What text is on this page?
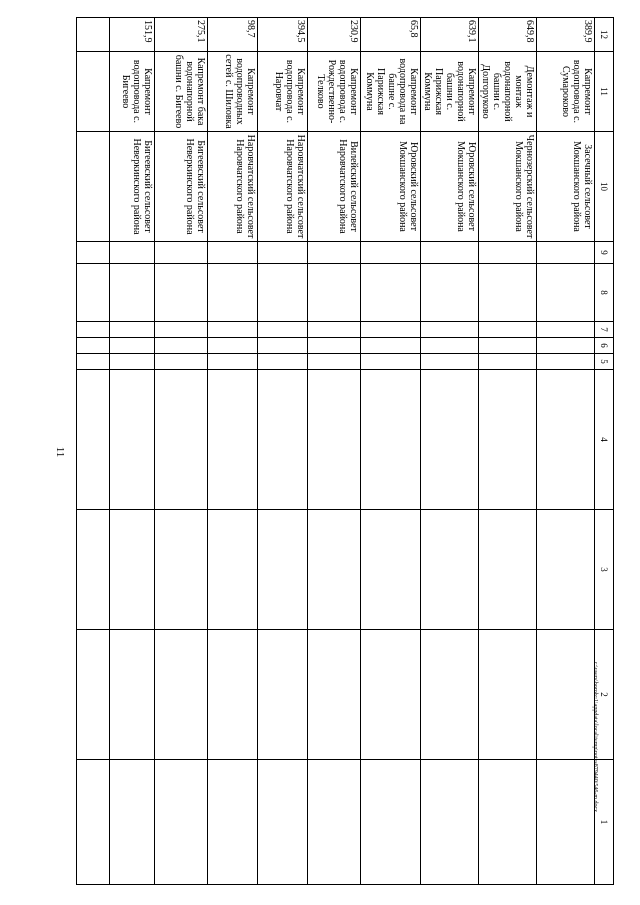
11
c:\users\boroh~1\appdata\local\temp\notes879440\546-m.docx
12	11	10	9	8	7	6	5	4	3	2	1
389,9	Капремонт водопровода с. Сумароково	Засечный сельсовет Мокшанского района									
649,8	Демонтаж и монтаж водонапорной башни с. Долгоруково	Чернозерский сельсовет Мокшанского района									
639,1	Капремонт водонапорной башни с. Парижская Коммуна	Юровский сельсовет Мокшанского района									
65,8	Капремонт водопровода на башне с. Парижская Коммуна	Юровский сельсовет Мокшанского района									
230,9	Капремонт водопровода с. Рождественно-Телково	Вилейский сельсовет Наровчатского района									
394,5	Капремонт водопровода с. Наровчат	Наровчатский сельсовет Наровчатского района									
98,7	Капремонт водопроводных сетей с. Шиловка	Наровчатский сельсовет Наровчатского района									
275,1	Капремонт бака водонапорной башни с. Бигеево	Бигеевский сельсовет Неверкинского района									
151,9	Капремонт водопровода с. Бигеево	Бигеевский сельсовет Неверкинского района									
